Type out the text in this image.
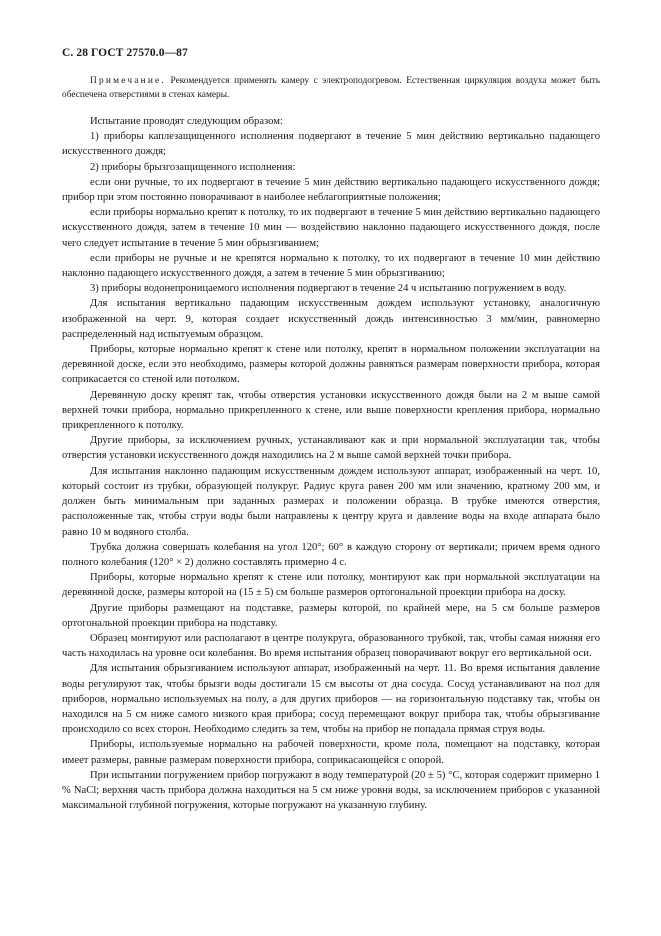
С. 28 ГОСТ 27570.0—87

Примечание. Рекомендуется применять камеру с электроподогревом. Естественная циркуляция воздуха может быть обеспечена отверстиями в стенах камеры.

Испытание проводят следующим образом:

1) приборы каплезащищенного исполнения подвергают в течение 5 мин действию вертикально падающего искусственного дождя;

2) приборы брызгозащищенного исполнения:

если они ручные, то их подвергают в течение 5 мин действию вертикально падающего искусственного дождя; прибор при этом постоянно поворачивают в наиболее неблагоприятные положения;

если приборы нормально крепят к потолку, то их подвергают в течение 5 мин действию вертикально падающего искусственного дождя, затем в течение 10 мин — воздействию наклонно падающего искусственного дождя, после чего следует испытание в течение 5 мин обрызгиванием;

если приборы не ручные и не крепятся нормально к потолку, то их подвергают в течение 10 мин действию наклонно падающего искусственного дождя, а затем в течение 5 мин обрызгиванию;

3) приборы водонепроницаемого исполнения подвергают в течение 24 ч испытанию погружением в воду.

Для испытания вертикально падающим искусственным дождем используют установку, аналогичную изображенной на черт. 9, которая создает искусственный дождь интенсивностью 3 мм/мин, равномерно распределенный над испытуемым образцом.

Приборы, которые нормально крепят к стене или потолку, крепят в нормальном положении эксплуатации на деревянной доске, если это необходимо, размеры которой должны равняться размерам поверхности прибора, которая соприкасается со стеной или потолком.

Деревянную доску крепят так, чтобы отверстия установки искусственного дождя были на 2 м выше самой верхней точки прибора, нормально прикрепленного к стене, или выше поверхности крепления прибора, нормально прикрепленного к потолку.

Другие приборы, за исключением ручных, устанавливают как и при нормальной эксплуатации так, чтобы отверстия установки искусственного дождя находились на 2 м выше самой верхней точки прибора.

Для испытания наклонно падающим искусственным дождем используют аппарат, изображенный на черт. 10, который состоит из трубки, образующей полукруг. Радиус круга равен 200 мм или значению, кратному 200 мм, и должен быть минимальным при заданных размерах и положении образца. В трубке имеются отверстия, расположенные так, чтобы струи воды были направлены к центру круга и давление воды на входе аппарата было равно 10 м водяного столба.

Трубка должна совершать колебания на угол 120°; 60° в каждую сторону от вертикали; причем время одного полного колебания (120° × 2) должно составлять примерно 4 с.

Приборы, которые нормально крепят к стене или потолку, монтируют как при нормальной эксплуатации на деревянной доске, размеры которой на (15 ± 5) см больше размеров ортогональной проекции прибора на доску.

Другие приборы размещают на подставке, размеры которой, по крайней мере, на 5 см больше размеров ортогональной проекции прибора на подставку.

Образец монтируют или располагают в центре полукруга, образованного трубкой, так, чтобы самая нижняя его часть находилась на уровне оси колебания. Во время испытания образец поворачивают вокруг его вертикальной оси.

Для испытания обрызгиванием используют аппарат, изображенный на черт. 11. Во время испытания давление воды регулируют так, чтобы брызги воды достигали 15 см высоты от дна сосуда. Сосуд устанавливают на пол для приборов, нормально используемых на полу, а для других приборов — на горизонтальную подставку так, чтобы он находился на 5 см ниже самого низкого края прибора; сосуд перемещают вокруг прибора так, чтобы обрызгивание происходило со всех сторон. Необходимо следить за тем, чтобы на прибор не попадала прямая струя воды.

Приборы, используемые нормально на рабочей поверхности, кроме пола, помещают на подставку, которая имеет размеры, равные размерам поверхности прибора, соприкасающейся с опорой.

При испытании погружением прибор погружают в воду температурой (20 ± 5) °С, которая содержит примерно 1 % NaCl; верхняя часть прибора должна находиться на 5 см ниже уровня воды, за исключением приборов с указанной максимальной глубиной погружения, которые погружают на указанную глубину.
